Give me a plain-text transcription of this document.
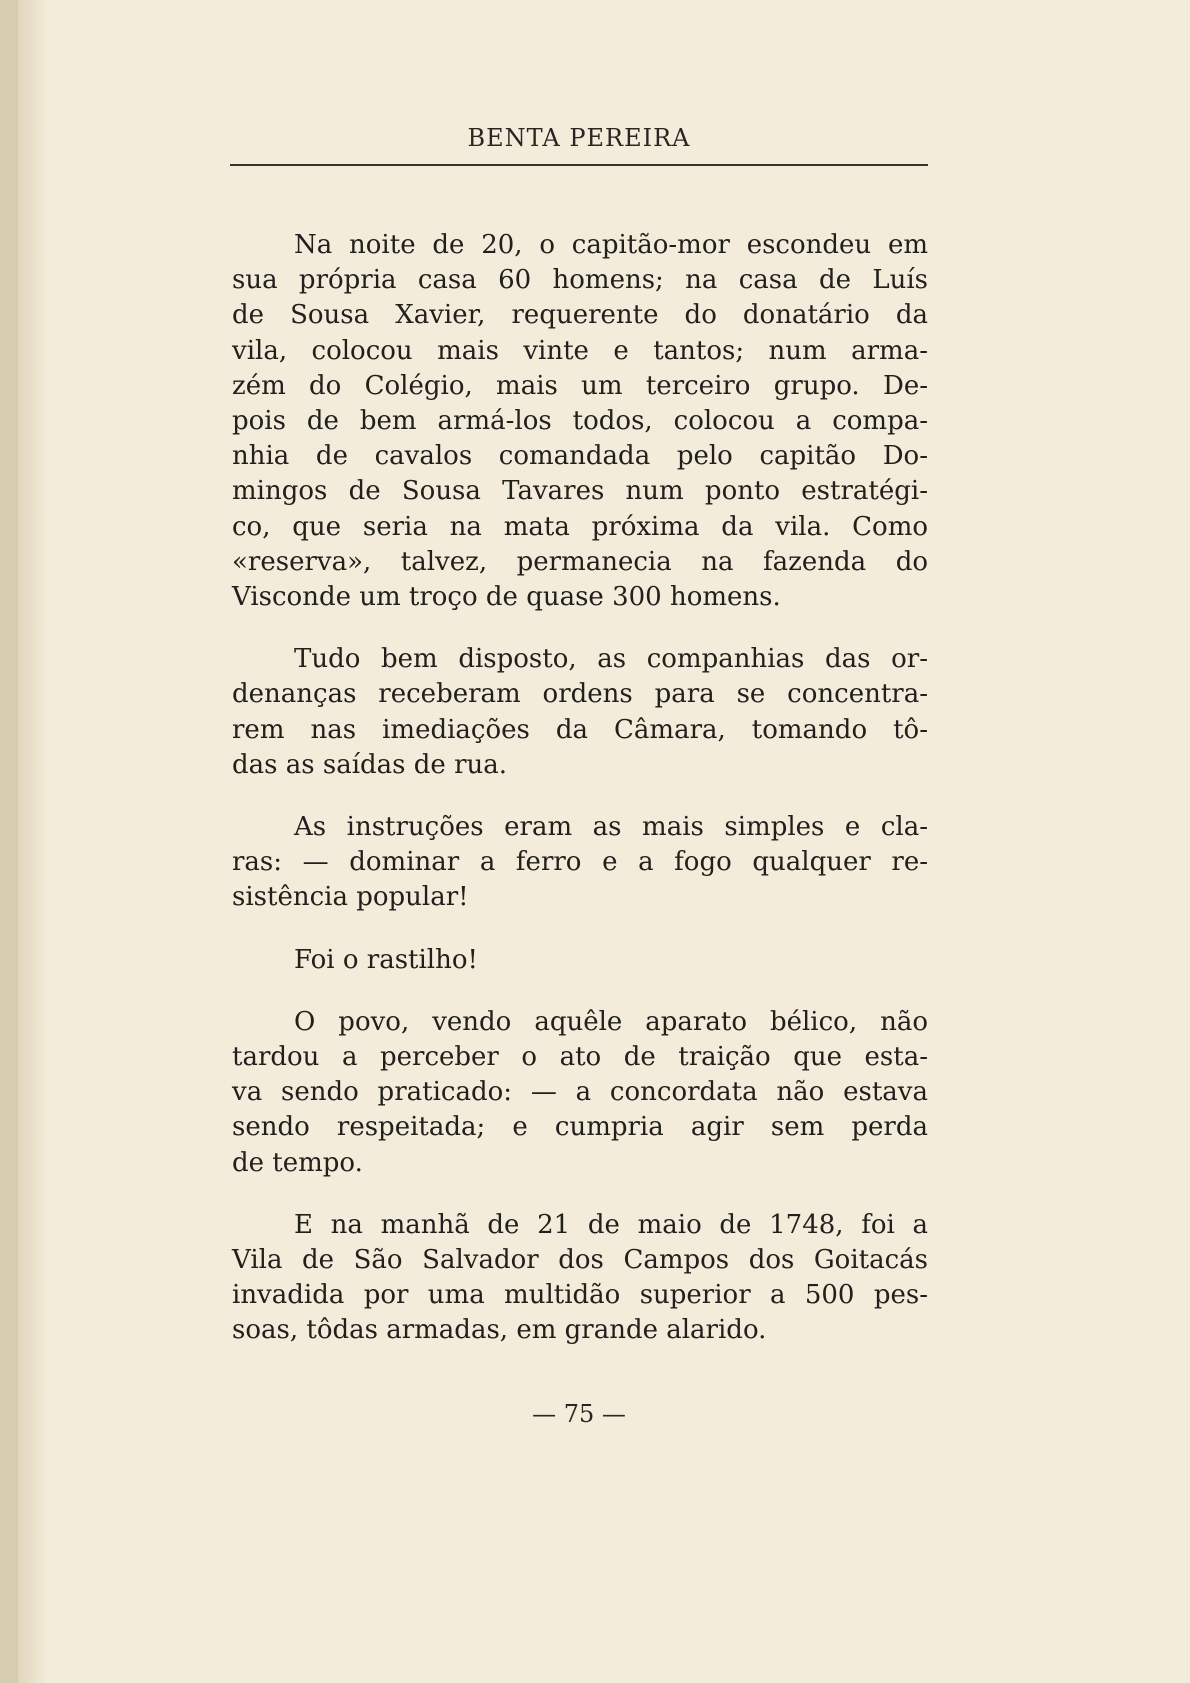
BENTA PEREIRA
Na noite de 20, o capitão-mor escondeu em
sua própria casa 60 homens; na casa de Luís
de Sousa Xavier, requerente do donatário da
vila, colocou mais vinte e tantos; num arma-
zém do Colégio, mais um terceiro grupo. De-
pois de bem armá-los todos, colocou a compa-
nhia de cavalos comandada pelo capitão Do-
mingos de Sousa Tavares num ponto estratégi-
co, que seria na mata próxima da vila. Como
«reserva», talvez, permanecia na fazenda do
Visconde um troço de quase 300 homens.
Tudo bem disposto, as companhias das or-
denanças receberam ordens para se concentra-
rem nas imediações da Câmara, tomando tô-
das as saídas de rua.
As instruções eram as mais simples e cla-
ras: — dominar a ferro e a fogo qualquer re-
sistência popular!
Foi o rastilho!
O povo, vendo aquêle aparato bélico, não
tardou a perceber o ato de traição que esta-
va sendo praticado: — a concordata não estava
sendo respeitada; e cumpria agir sem perda
de tempo.
E na manhã de 21 de maio de 1748, foi a
Vila de São Salvador dos Campos dos Goitacás
invadida por uma multidão superior a 500 pes-
soas, tôdas armadas, em grande alarido.
— 75 —
